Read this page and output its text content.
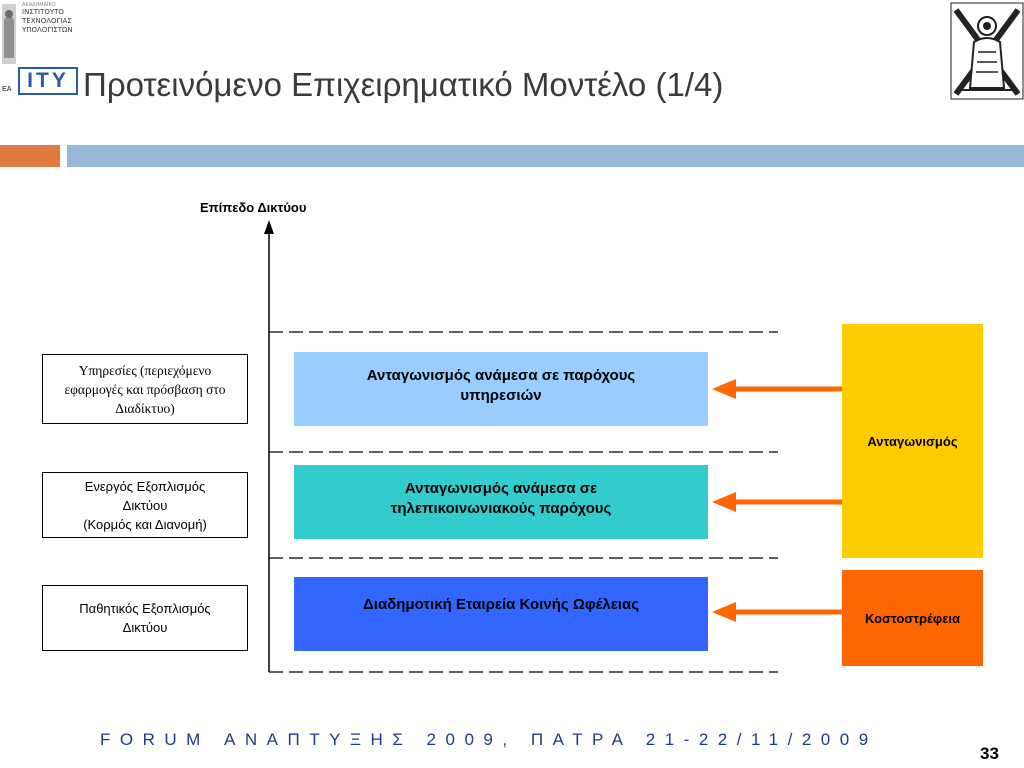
ΑΚΑΔΗΜΑΪΚΟ
ΙΝΣΤΙΤΟΥΤΟ
ΤΕΧΝΟΛΟΓΙΑΣ
ΥΠΟΛΟΓΙΣΤΩΝ
ITY
ΕΑ Προτεινόμενο Επιχειρηματικό Μοντέλο (1/4)
Επίπεδο Δικτύου
Υπηρεσίες (περιεχόμενο εφαρμογές και πρόσβαση στο Διαδίκτυο)
Ενεργός Εξοπλισμός
Δικτύου
(Κορμός και Διανομή)
Παθητικός Εξοπλισμός
Δικτύου
Ανταγωνισμός ανάμεσα σε παρόχους υπηρεσιών
Ανταγωνισμός ανάμεσα σε τηλεπικοινωνιακούς παρόχους
Διαδημοτική Εταιρεία Κοινής Ωφέλειας
Ανταγωνισμός
Κοστοστρέφεια
FORUM ΑΝΑΠΤΥΞΗΣ 2009, ΠΑΤΡΑ 21-22/11/2009
33
